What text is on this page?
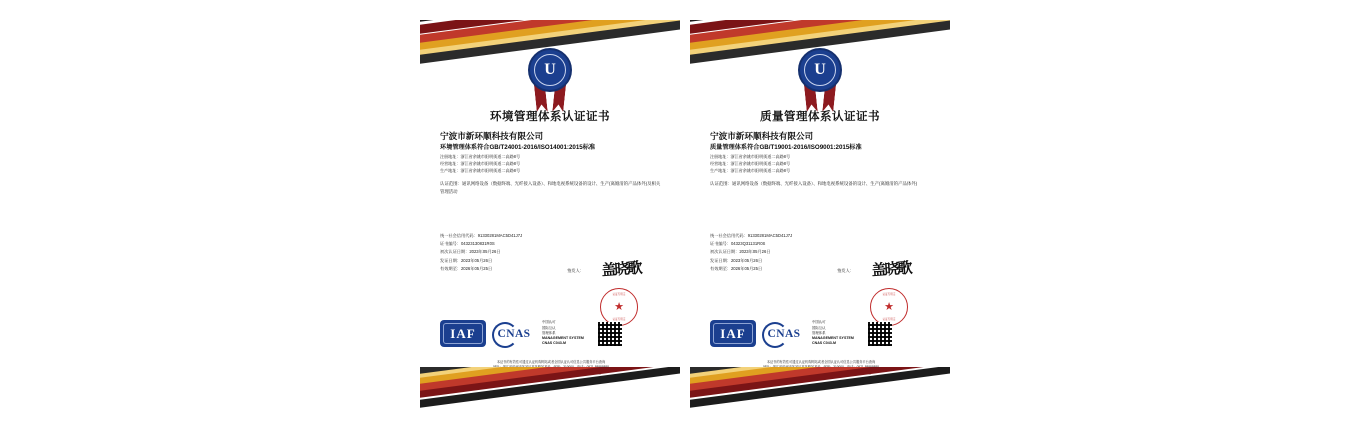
U
环境管理体系认证证书
宁波市新环顺科技有限公司
环境管理体系符合GB/T24001-2016/ISO14001:2015标准
注册地址：浙江省余姚市阳明街道二高路8号
经营地址：浙江省余姚市阳明街道二高路8号
生产地址：浙江省余姚市阳明街道二高路8号
认证范围：通讯网络设备（数据终端、光纤接入设备）、和地电视系统设备的设计、生产(离婚清的产品体外)及相关管理活动
统一社会信用代码：91330281MAC5D41J7J
证书编号：04323130831R0S
初次认证日期：2023年05月26日
发证日期：2023年05月26日
有效期至：2026年05月25日	签发人：	盖晓歌
认证专用章
★
认证专用章
IAF	CNAS
中国认可
国际互认
管理体系
MANAGEMENT SYSTEM
CNAS C043-M
本证书的有效性可通过认证机构网站或者全国认证认可信息公共服务平台查询
U
质量管理体系认证证书
宁波市新环顺科技有限公司
质量管理体系符合GB/T19001-2016/ISO9001:2015标准
注册地址：浙江省余姚市阳明街道二高路8号
经营地址：浙江省余姚市阳明街道二高路8号
生产地址：浙江省余姚市阳明街道二高路8号
认证范围：通讯网络设备（数据终端、光纤接入设备）、和地电视系统设备的设计、生产(离婚清的产品体外)
统一社会信用代码：91330281MAC5D41J7J
证书编号：04323Q31131R0S
初次认证日期：2023年05月26日
发证日期：2023年05月26日
有效期至：2026年05月25日	签发人：	盖晓歌
认证专用章
★
认证专用章
IAF	CNAS
中国认可
国际互认
管理体系
MANAGEMENT SYSTEM
CNAS C043-M
本证书的有效性可通过认证机构网站或者全国认证认可信息公共服务平台查询
